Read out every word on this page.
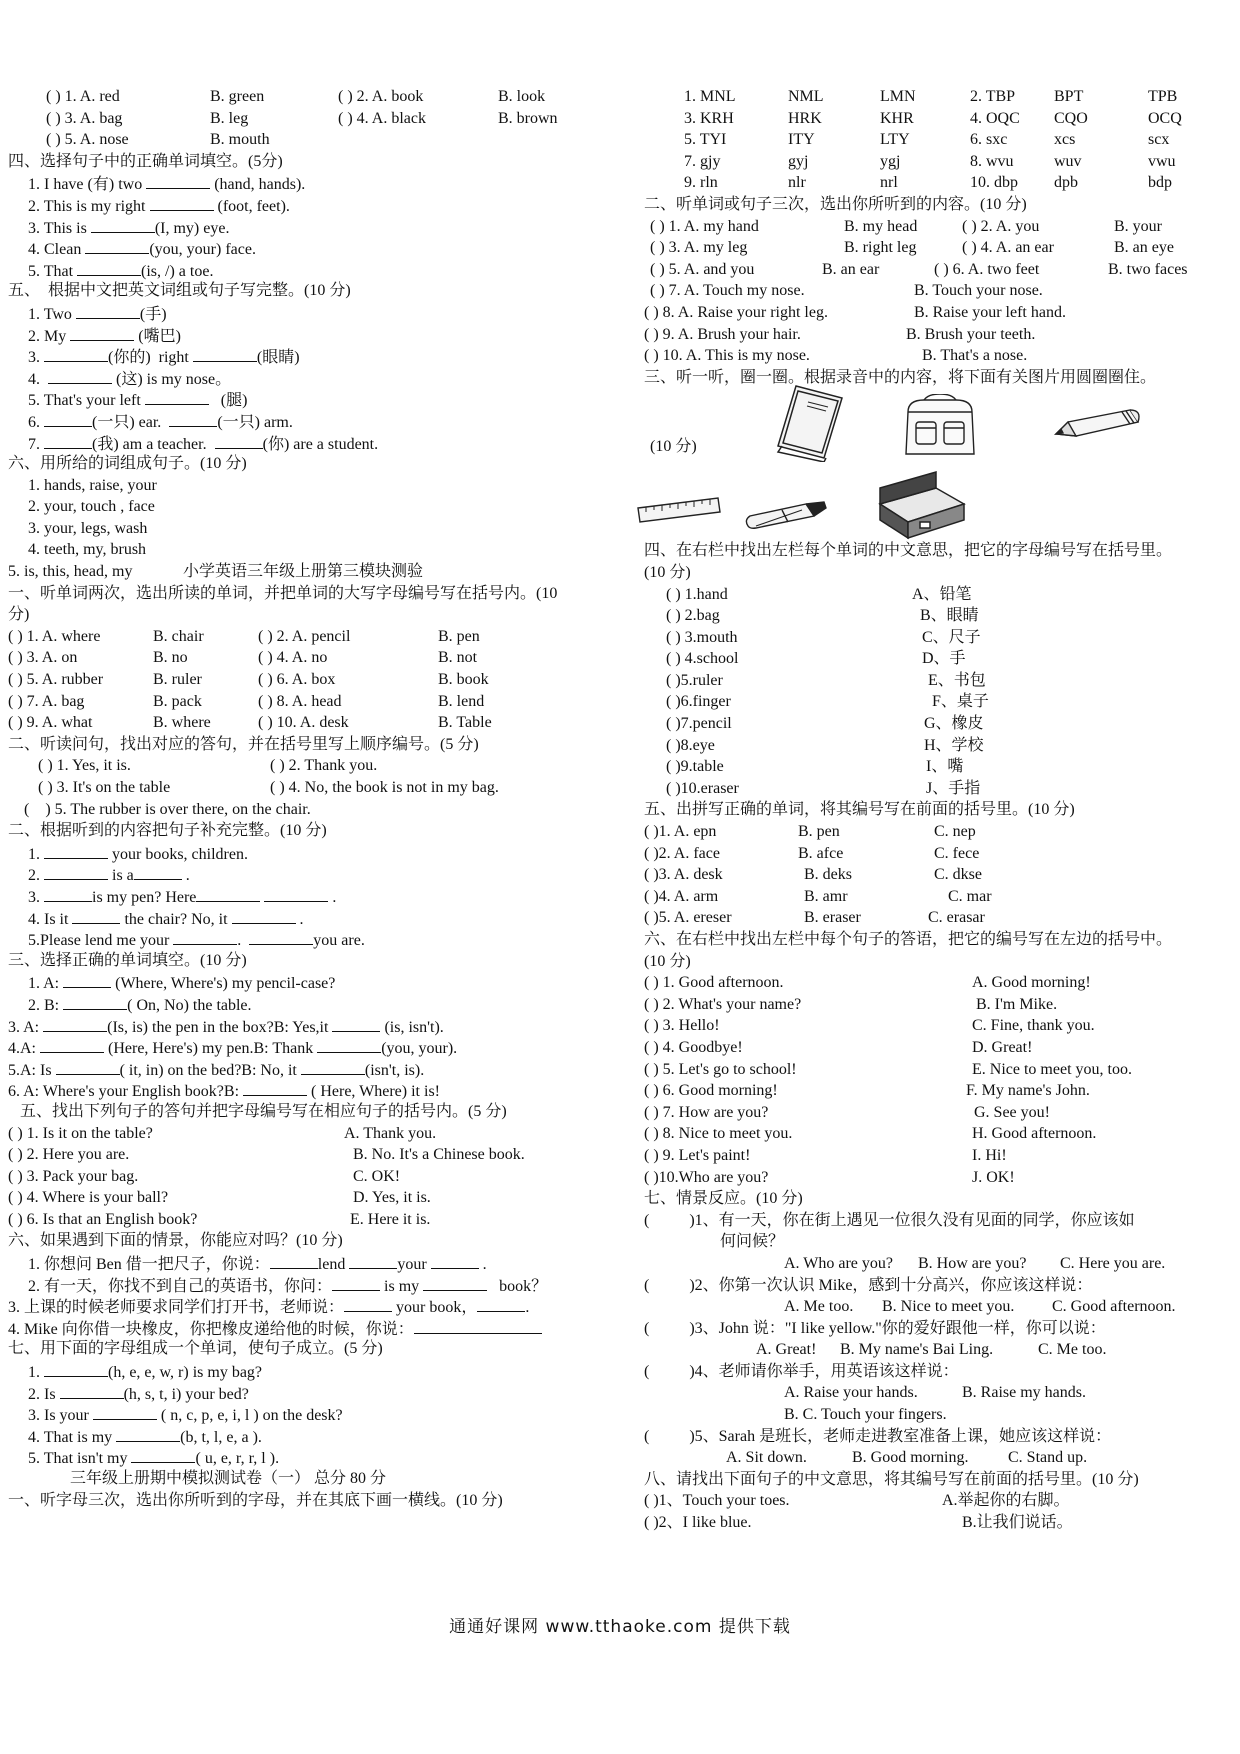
( ) 1. A. red	B. green	( ) 2. A. book	B. look
( ) 3. A. bag	B. leg	( ) 4. A. black	B. brown
( ) 5. A. nose	B. mouth
四、选择句子中的正确单词填空。(5分)
1. I have (有) two	(hand, hands).
2. This is my right	(foot, feet).
3. This is	(I, my) eye.
4. Clean	(you, your) face.
5. That	(is, /) a toe.
五、  根据中文把英文词组或句子写完整。(10 分)
1. Two	(手)
2. My	(嘴巴)
3.	(你的)  right	(眼睛)
4.	(这) is my nose。
5. That's your left	(腿)
6.	(一只) ear.	(一只) arm.
7.	(我) am a teacher.	(你) are a student.
六、用所给的词组成句子。(10 分)
1. hands, raise, your
2. your, touch , face
3. your, legs, wash
4. teeth, my, brush
5. is, this, head, my	小学英语三年级上册第三模块测验
一、听单词两次，选出所读的单词，并把单词的大写字母编号写在括号内。(10
分)
( ) 1. A. where	B. chair	( ) 2. A. pencil	B. pen
( ) 3. A. on	B. no	( ) 4. A. no	B. not
( ) 5. A. rubber	B. ruler	( ) 6. A. box	B. book
( ) 7. A. bag	B. pack	( ) 8. A. head	B. lend
( ) 9. A. what	B. where	( ) 10. A. desk	B. Table
二、听读问句，找出对应的答句，并在括号里写上顺序编号。(5 分)
( ) 1. Yes, it is.	( ) 2. Thank you.
( ) 3. It's on the table	( ) 4. No, the book is not in my bag.
(    ) 5. The rubber is over there, on the chair.
二、根据听到的内容把句子补充完整。(10 分)
1.	your books, children.
2.	is a	.
3.	is my pen? Here	.
4. Is it	the chair? No, it	.
5.Please lend me your	.	you are.
三、选择正确的单词填空。(10 分)
1. A:	(Where, Where's) my pencil-case?
2. B:	( On, No) the table.
3. A:	(Is, is) the pen in the box?B: Yes,it	(is, isn't).
4.A:	(Here, Here's) my pen.B: Thank	(you, your).
5.A: Is	( it, in) on the bed?B: No, it	(isn't, is).
6. A: Where's your English book?B:	( Here, Where) it is!
五、找出下列句子的答句并把字母编号写在相应句子的括号内。(5 分)
( ) 1. Is it on the table?	A. Thank you.
( ) 2. Here you are.	B. No. It's a Chinese book.
( ) 3. Pack your bag.	C. OK!
( ) 4. Where is your ball?	D. Yes, it is.
( ) 6. Is that an English book?	E. Here it is.
六、如果遇到下面的情景，你能应对吗？(10 分)
1. 你想问 Ben 借一把尺子，你说：	lend	your	.
2. 有一天，你找不到自己的英语书，你问：	is my	book？
3. 上课的时候老师要求同学们打开书，老师说：	your book，	.
4. Mike 向你借一块橡皮，你把橡皮递给他的时候，你说：
七、用下面的字母组成一个单词，使句子成立。(5 分)
1.	(h, e, e, w, r) is my bag?
2. Is	(h, s, t, i) your bed?
3. Is your	( n, c, p, e, i, l ) on the desk?
4. That is my	(b, t, l, e, a ).
5. That isn't my	( u, e, r, r, l ).
三年级上册期中模拟测试卷（一） 总分 80 分
一、听字母三次，选出你所听到的字母，并在其底下画一横线。(10 分)
1. MNL	NML	LMN	2. TBP BPT	TPB
3. KRH	HRK	KHR	4. OQC CQO	OCQ
5. TYI	ITY	LTY	6. sxc	xcs	scx
7. gjy	gyj	ygj	8. wvu	wuv	vwu
9. rln	nlr	nrl	10. dbp dpb	bdp
二、听单词或句子三次，选出你所听到的内容。(10 分)
( ) 1. A. my hand	B. my head	( ) 2. A. you	B. your
( ) 3. A. my leg	B. right leg	( ) 4. A. an ear	B. an eye
( ) 5. A. and you	B. an ear	( ) 6. A. two feet	B. two faces
( ) 7. A. Touch my nose.	B. Touch your nose.
( ) 8. A. Raise your right leg.	B. Raise your left hand.
( ) 9. A. Brush your hair.	B. Brush your teeth.
( ) 10. A. This is my nose.	B. That's a nose.
三、听一听，圈一圈。根据录音中的内容，将下面有关图片用圆圈圈住。
(10 分)
四、在右栏中找出左栏每个单词的中文意思，把它的字母编号写在括号里。
(10 分)
( ) 1.hand	A、铅笔
( ) 2.bag	B、眼睛
( ) 3.mouth	C、尺子
( ) 4.school	D、手
( )5.ruler	E、书包
( )6.finger	F、桌子
( )7.pencil	G、橡皮
( )8.eye	H、学校
( )9.table	I、嘴
( )10.eraser	J、手指
五、出拼写正确的单词，将其编号写在前面的括号里。(10 分)
( )1. A. epn	B. pen	C. nep
( )2. A. face	B. afce	C. fece
( )3. A. desk	B. deks	C. dkse
( )4. A. arm	B. amr	C. mar
( )5. A. ereser	B. eraser	C. erasar
六、在右栏中找出左栏中每个句子的答语，把它的编号写在左边的括号中。
(10 分)
( ) 1. Good afternoon.	A. Good morning!
( ) 2. What's your name?	B. I'm Mike.
( ) 3. Hello!	C. Fine, thank you.
( ) 4. Goodbye!	D. Great!
( ) 5. Let's go to school!	E. Nice to meet you, too.
( ) 6. Good morning!	F. My name's John.
( ) 7. How are you?	G. See you!
( ) 8. Nice to meet you.	H. Good afternoon.
( ) 9. Let's paint!	I. Hi!
( )10.Who are you?	J. OK!
七、情景反应。(10 分)
(          )1、有一天，你在街上遇见一位很久没有见面的同学，你应该如
何问候？
A. Who are you? B. How are you? C. Here you are.
(          )2、你第一次认识 Mike，感到十分高兴，你应该这样说：
A. Me too. B. Nice to meet you. C. Good afternoon.
(          )3、John 说："I like yellow."你的爱好跟他一样，你可以说：
A. Great! B. My name's Bai Ling.	C. Me too.
(          )4、老师请你举手，用英语该这样说：
A. Raise your hands.	B. Raise my hands.
B. C. Touch your fingers.
(          )5、Sarah 是班长，老师走进教室准备上课，她应该这样说：
A. Sit down.	B. Good morning. C. Stand up.
八、请找出下面句子的中文意思，将其编号写在前面的括号里。(10 分)
( )1、Touch your toes.	A.举起你的右脚。
( )2、I like blue.	B.让我们说话。
通通好课网 www.tthaoke.com 提供下载
